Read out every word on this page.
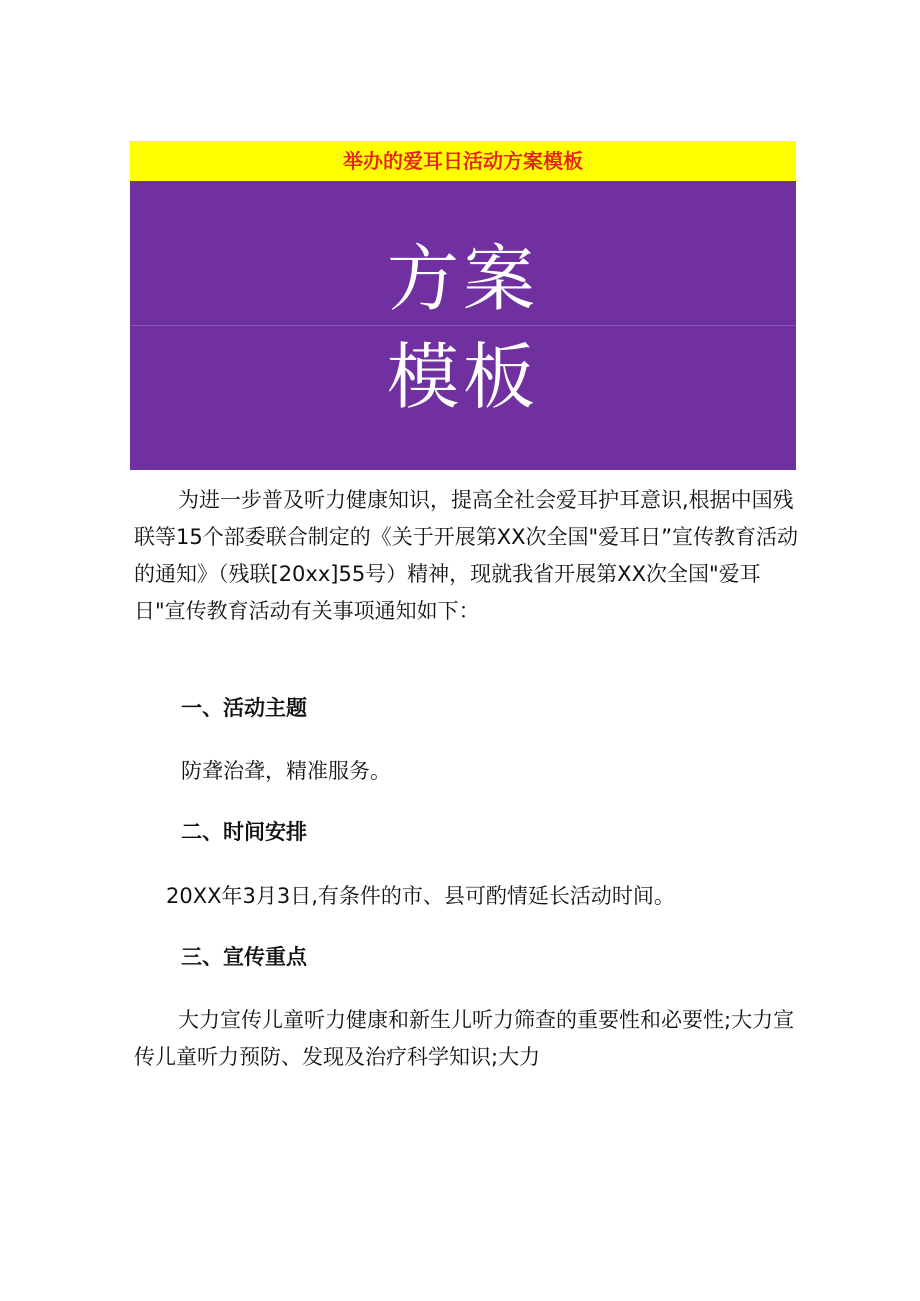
举办的爱耳日活动方案模板
方案
模板

为进一步普及听力健康知识，提高全社会爱耳护耳意识,根据中国残联等15个部委联合制定的《关于开展第XX次全国"爱耳日”宣传教育活动的通知》（残联[20xx]55号）精神，现就我省开展第XX次全国"爱耳日"宣传教育活动有关事项通知如下：

一、活动主题

防聋治聋，精准服务。

二、时间安排

20XX年3月3日,有条件的市、县可酌情延长活动时间。

三、宣传重点

大力宣传儿童听力健康和新生儿听力筛查的重要性和必要性;大力宣传儿童听力预防、发现及治疗科学知识;大力
